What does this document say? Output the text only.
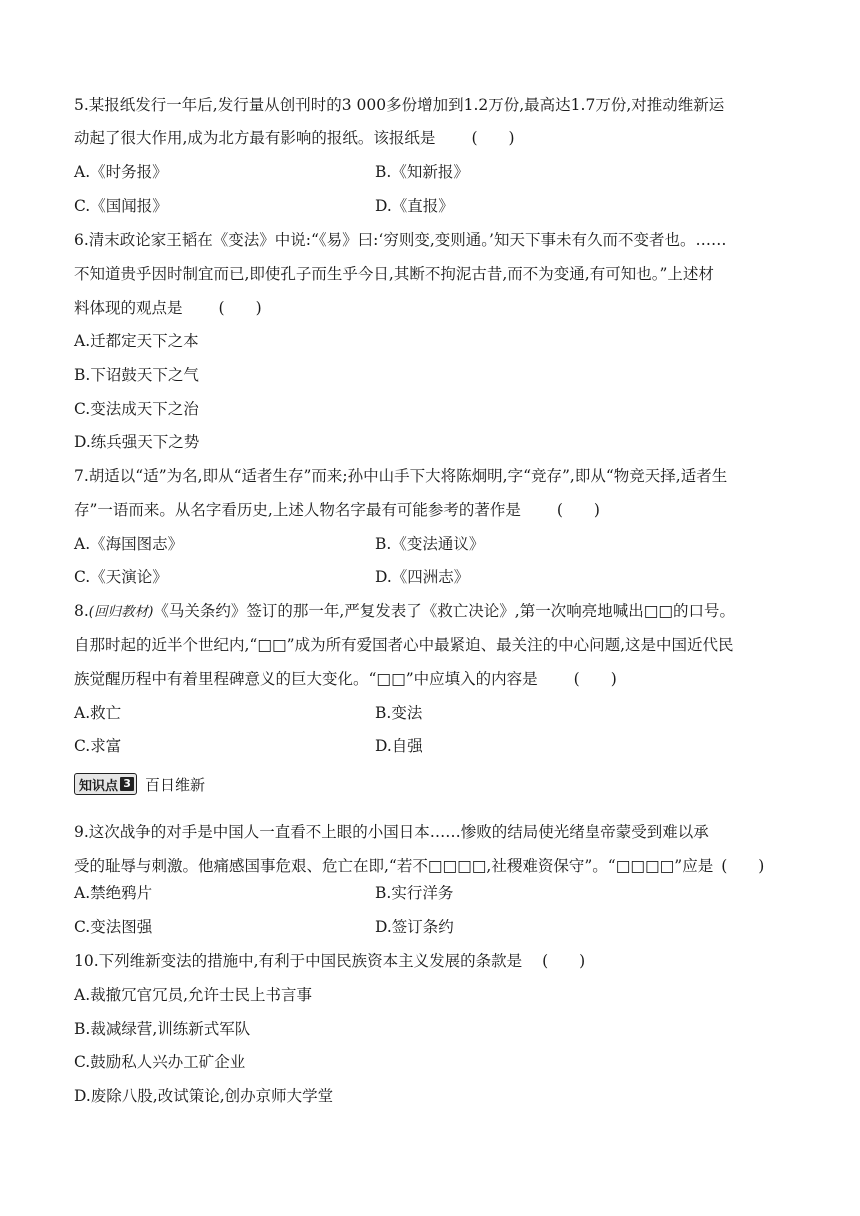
5.某报纸发行一年后,发行量从创刊时的3 000多份增加到1.2万份,最高达1.7万份,对推动维新运
动起了很大作用,成为北方最有影响的报纸。该报纸是 (　　)
A.《时务报》	B.《知新报》
C.《国闻报》	D.《直报》
6.清末政论家王韬在《变法》中说:“《易》曰:‘穷则变,变则通。’知天下事未有久而不变者也。……
不知道贵乎因时制宜而已,即使孔子而生乎今日,其断不拘泥古昔,而不为变通,有可知也。”上述材
料体现的观点是 (　　)
A.迁都定天下之本
B.下诏鼓天下之气
C.变法成天下之治
D.练兵强天下之势
7.胡适以“适”为名,即从“适者生存”而来;孙中山手下大将陈炯明,字“竞存”,即从“物竞天择,适者生
存”一语而来。从名字看历史,上述人物名字最有可能参考的著作是 (　　)
A.《海国图志》	B.《变法通议》
C.《天演论》	D.《四洲志》
8.(回归教材)《马关条约》签订的那一年,严复发表了《救亡决论》,第一次响亮地喊出□□的口号。
自那时起的近半个世纪内,“□□”成为所有爱国者心中最紧迫、最关注的中心问题,这是中国近代民
族觉醒历程中有着里程碑意义的巨大变化。“□□”中应填入的内容是 (　　)
A.救亡	B.变法
C.求富	D.自强
知识点 3 百日维新
9.这次战争的对手是中国人一直看不上眼的小国日本……惨败的结局使光绪皇帝蒙受到难以承
受的耻辱与刺激。他痛感国事危艰、危亡在即,“若不□□□□,社稷难资保守”。“□□□□”应是 (　　)
A.禁绝鸦片	B.实行洋务
C.变法图强	D.签订条约
10.下列维新变法的措施中,有利于中国民族资本主义发展的条款是 (　　)
A.裁撤冗官冗员,允许士民上书言事
B.裁减绿营,训练新式军队
C.鼓励私人兴办工矿企业
D.废除八股,改试策论,创办京师大学堂
